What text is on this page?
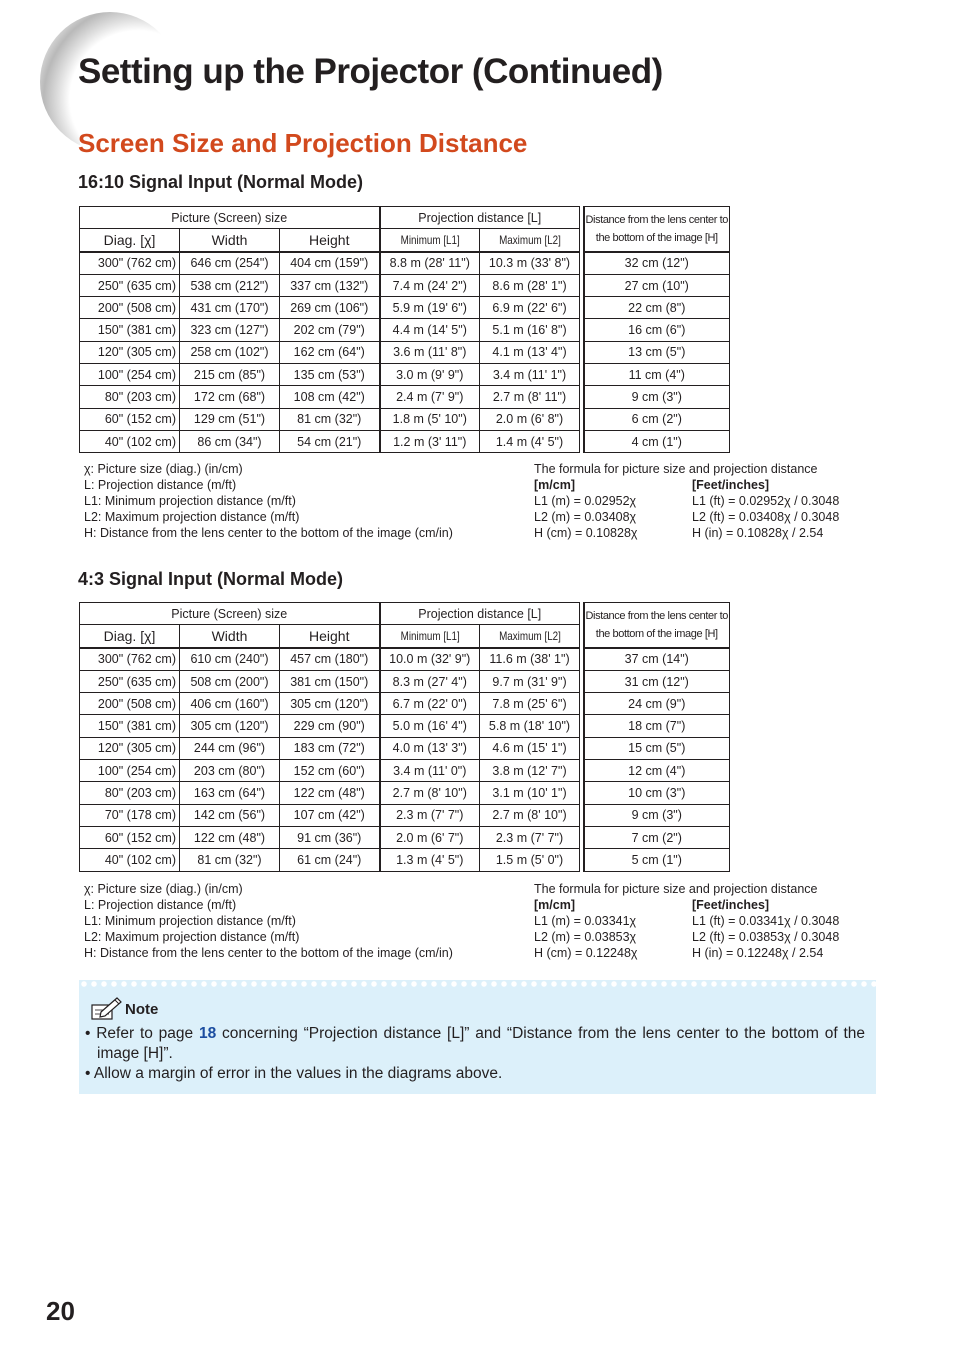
Setting up the Projector (Continued)
Screen Size and Projection Distance
16:10 Signal Input (Normal Mode)
Picture (Screen) size			Projection distance [L]			Distance from the lens center to the bottom of the image [H]
Diag. [χ]	Width	Height	Minimum [L1]	Maximum [L2]		
300" (762 cm)	646 cm (254")	404 cm (159")	8.8 m (28' 11")	10.3 m (33' 8")		32 cm (12")
250" (635 cm)	538 cm (212")	337 cm (132")	7.4 m (24' 2")	8.6 m (28' 1")		27 cm (10")
200" (508 cm)	431 cm (170")	269 cm (106")	5.9 m (19' 6")	6.9 m (22' 6")		22 cm (8")
150" (381 cm)	323 cm (127")	202 cm (79")	4.4 m (14' 5")	5.1 m (16' 8")		16 cm (6")
120" (305 cm)	258 cm (102")	162 cm (64")	3.6 m (11' 8")	4.1 m (13' 4")		13 cm (5")
100" (254 cm)	215 cm (85")	135 cm (53")	3.0 m (9' 9")	3.4 m (11' 1")		11 cm (4")
80" (203 cm)	172 cm (68")	108 cm (42")	2.4 m (7' 9")	2.7 m (8' 11")		9 cm (3")
60" (152 cm)	129 cm (51")	81 cm (32")	1.8 m (5' 10")	2.0 m (6' 8")		6 cm (2")
40" (102 cm)	86 cm (34")	54 cm (21")	1.2 m (3' 11")	1.4 m (4' 5")		4 cm (1")
χ: Picture size (diag.) (in/cm)
L: Projection distance (m/ft)
L1: Minimum projection distance (m/ft)
L2: Maximum projection distance (m/ft)
H: Distance from the lens center to the bottom of the image (cm/in)
The formula for picture size and projection distance
[m/cm]
L1 (m) = 0.02952χ
L2 (m) = 0.03408χ
H (cm) = 0.10828χ
[Feet/inches]
L1 (ft) = 0.02952χ / 0.3048
L2 (ft) = 0.03408χ / 0.3048
H (in) = 0.10828χ / 2.54
4:3 Signal Input (Normal Mode)
Picture (Screen) size			Projection distance [L]			Distance from the lens center to the bottom of the image [H]
Diag. [χ]	Width	Height	Minimum [L1]	Maximum [L2]		
300" (762 cm)	610 cm (240")	457 cm (180")	10.0 m (32' 9")	11.6 m (38' 1")		37 cm (14")
250" (635 cm)	508 cm (200")	381 cm (150")	8.3 m (27' 4")	9.7 m (31' 9")		31 cm (12")
200" (508 cm)	406 cm (160")	305 cm (120")	6.7 m (22' 0")	7.8 m (25' 6")		24 cm (9")
150" (381 cm)	305 cm (120")	229 cm (90")	5.0 m (16' 4")	5.8 m (18' 10")		18 cm (7")
120" (305 cm)	244 cm (96")	183 cm (72")	4.0 m (13' 3")	4.6 m (15' 1")		15 cm (5")
100" (254 cm)	203 cm (80")	152 cm (60")	3.4 m (11' 0")	3.8 m (12' 7")		12 cm (4")
80" (203 cm)	163 cm (64")	122 cm (48")	2.7 m (8' 10")	3.1 m (10' 1")		10 cm (3")
70" (178 cm)	142 cm (56")	107 cm (42")	2.3 m (7' 7")	2.7 m (8' 10")		9 cm (3")
60" (152 cm)	122 cm (48")	91 cm (36")	2.0 m (6' 7")	2.3 m (7' 7")		7 cm (2")
40" (102 cm)	81 cm (32")	61 cm (24")	1.3 m (4' 5")	1.5 m (5' 0")		5 cm (1")
χ: Picture size (diag.) (in/cm)
L: Projection distance (m/ft)
L1: Minimum projection distance (m/ft)
L2: Maximum projection distance (m/ft)
H: Distance from the lens center to the bottom of the image (cm/in)
The formula for picture size and projection distance
[m/cm]
L1 (m) = 0.03341χ
L2 (m) = 0.03853χ
H (cm) = 0.12248χ
[Feet/inches]
L1 (ft) = 0.03341χ / 0.3048
L2 (ft) = 0.03853χ / 0.3048
H (in) = 0.12248χ / 2.54
Note
• Refer to page 18 concerning “Projection distance [L]” and “Distance from the lens center to the bottom of the image [H]”.
• Allow a margin of error in the values in the diagrams above.
20
